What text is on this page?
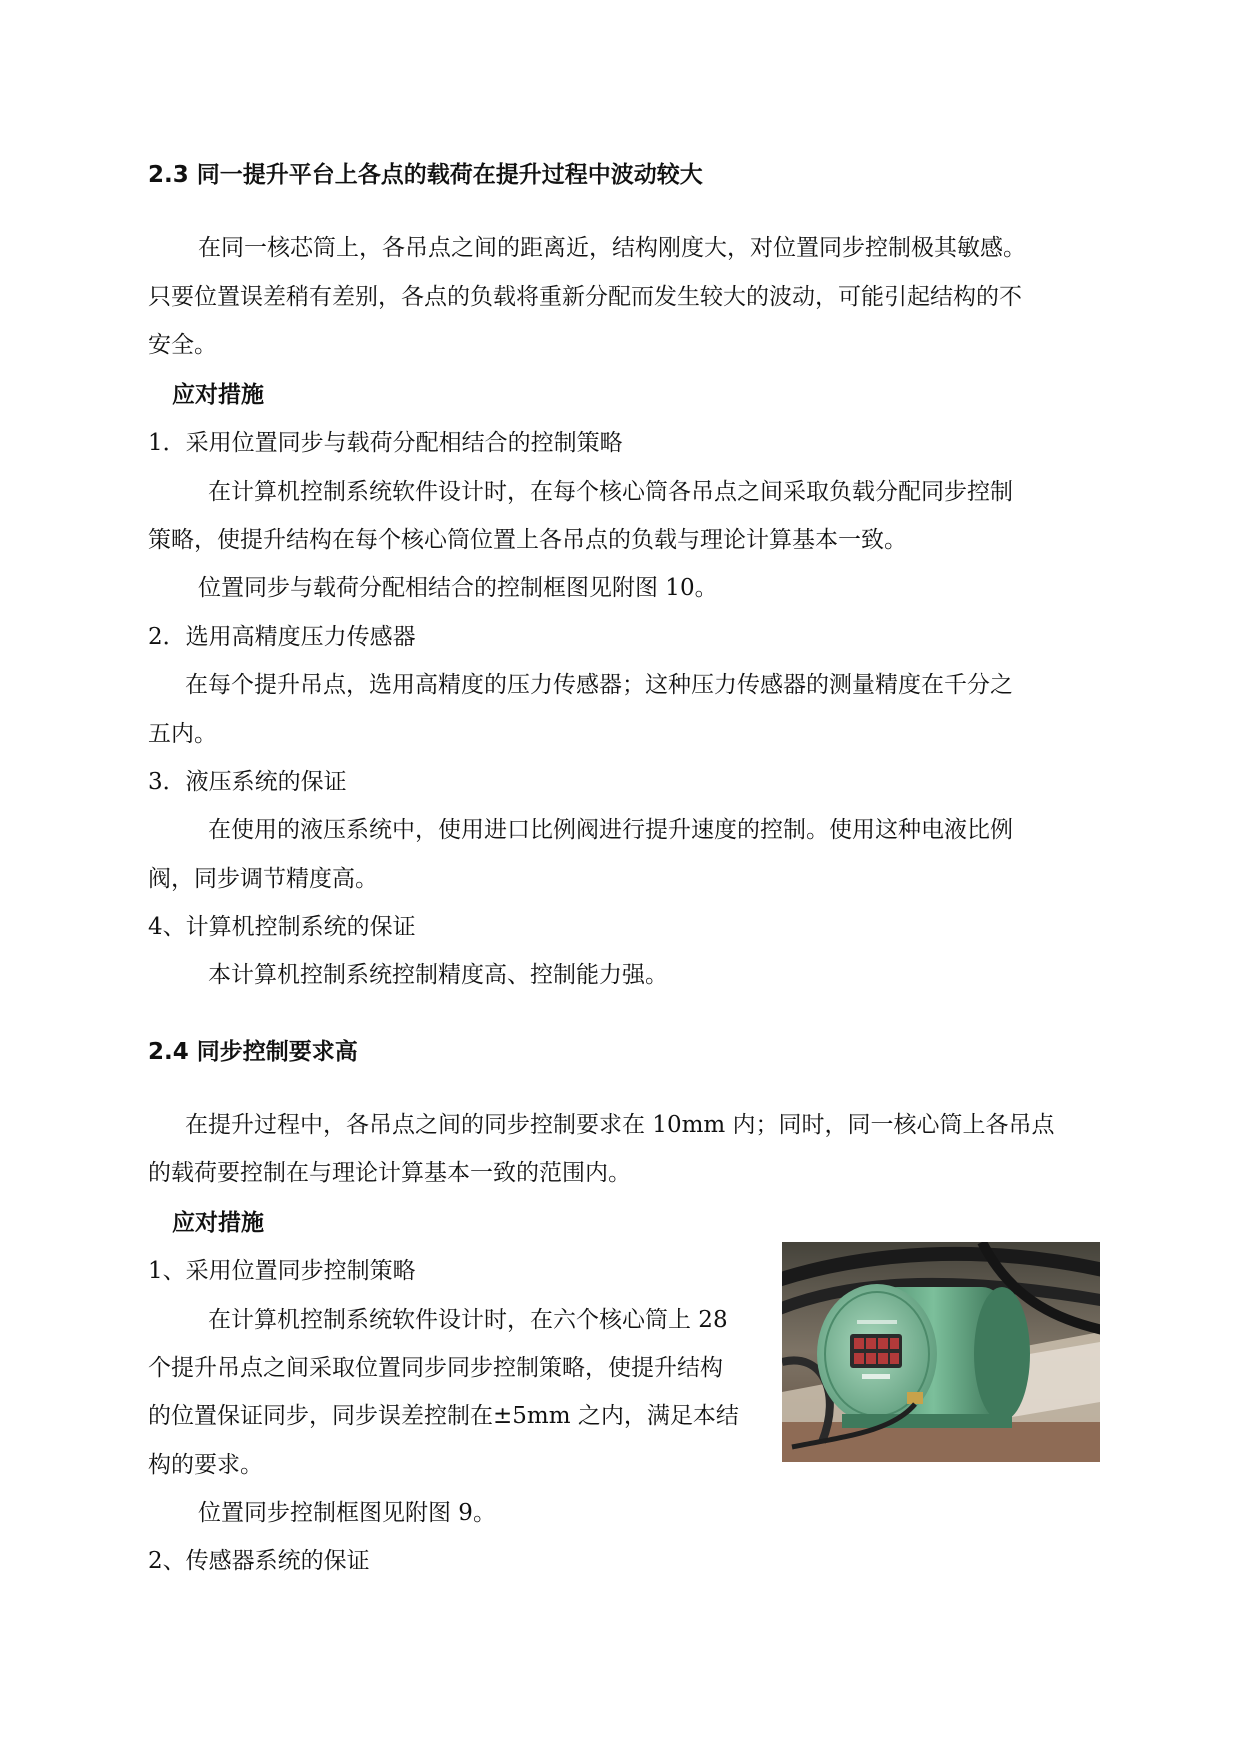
2.3 同一提升平台上各点的载荷在提升过程中波动较大
在同一核芯筒上，各吊点之间的距离近，结构刚度大，对位置同步控制极其敏感。
只要位置误差稍有差别，各点的负载将重新分配而发生较大的波动，可能引起结构的不
安全。
应对措施
1．采用位置同步与载荷分配相结合的控制策略
在计算机控制系统软件设计时，在每个核心筒各吊点之间采取负载分配同步控制
策略，使提升结构在每个核心筒位置上各吊点的负载与理论计算基本一致。
位置同步与载荷分配相结合的控制框图见附图 10。
2．选用高精度压力传感器
在每个提升吊点，选用高精度的压力传感器；这种压力传感器的测量精度在千分之
五内。
3．液压系统的保证
在使用的液压系统中，使用进口比例阀进行提升速度的控制。使用这种电液比例
阀，同步调节精度高。
4、计算机控制系统的保证
本计算机控制系统控制精度高、控制能力强。
2.4 同步控制要求高
在提升过程中，各吊点之间的同步控制要求在 10mm 内；同时，同一核心筒上各吊点
的载荷要控制在与理论计算基本一致的范围内。
应对措施
1、采用位置同步控制策略
在计算机控制系统软件设计时，在六个核心筒上 28
个提升吊点之间采取位置同步同步控制策略，使提升结构
的位置保证同步，同步误差控制在±5mm 之内，满足本结
构的要求。
位置同步控制框图见附图 9。
2、传感器系统的保证
